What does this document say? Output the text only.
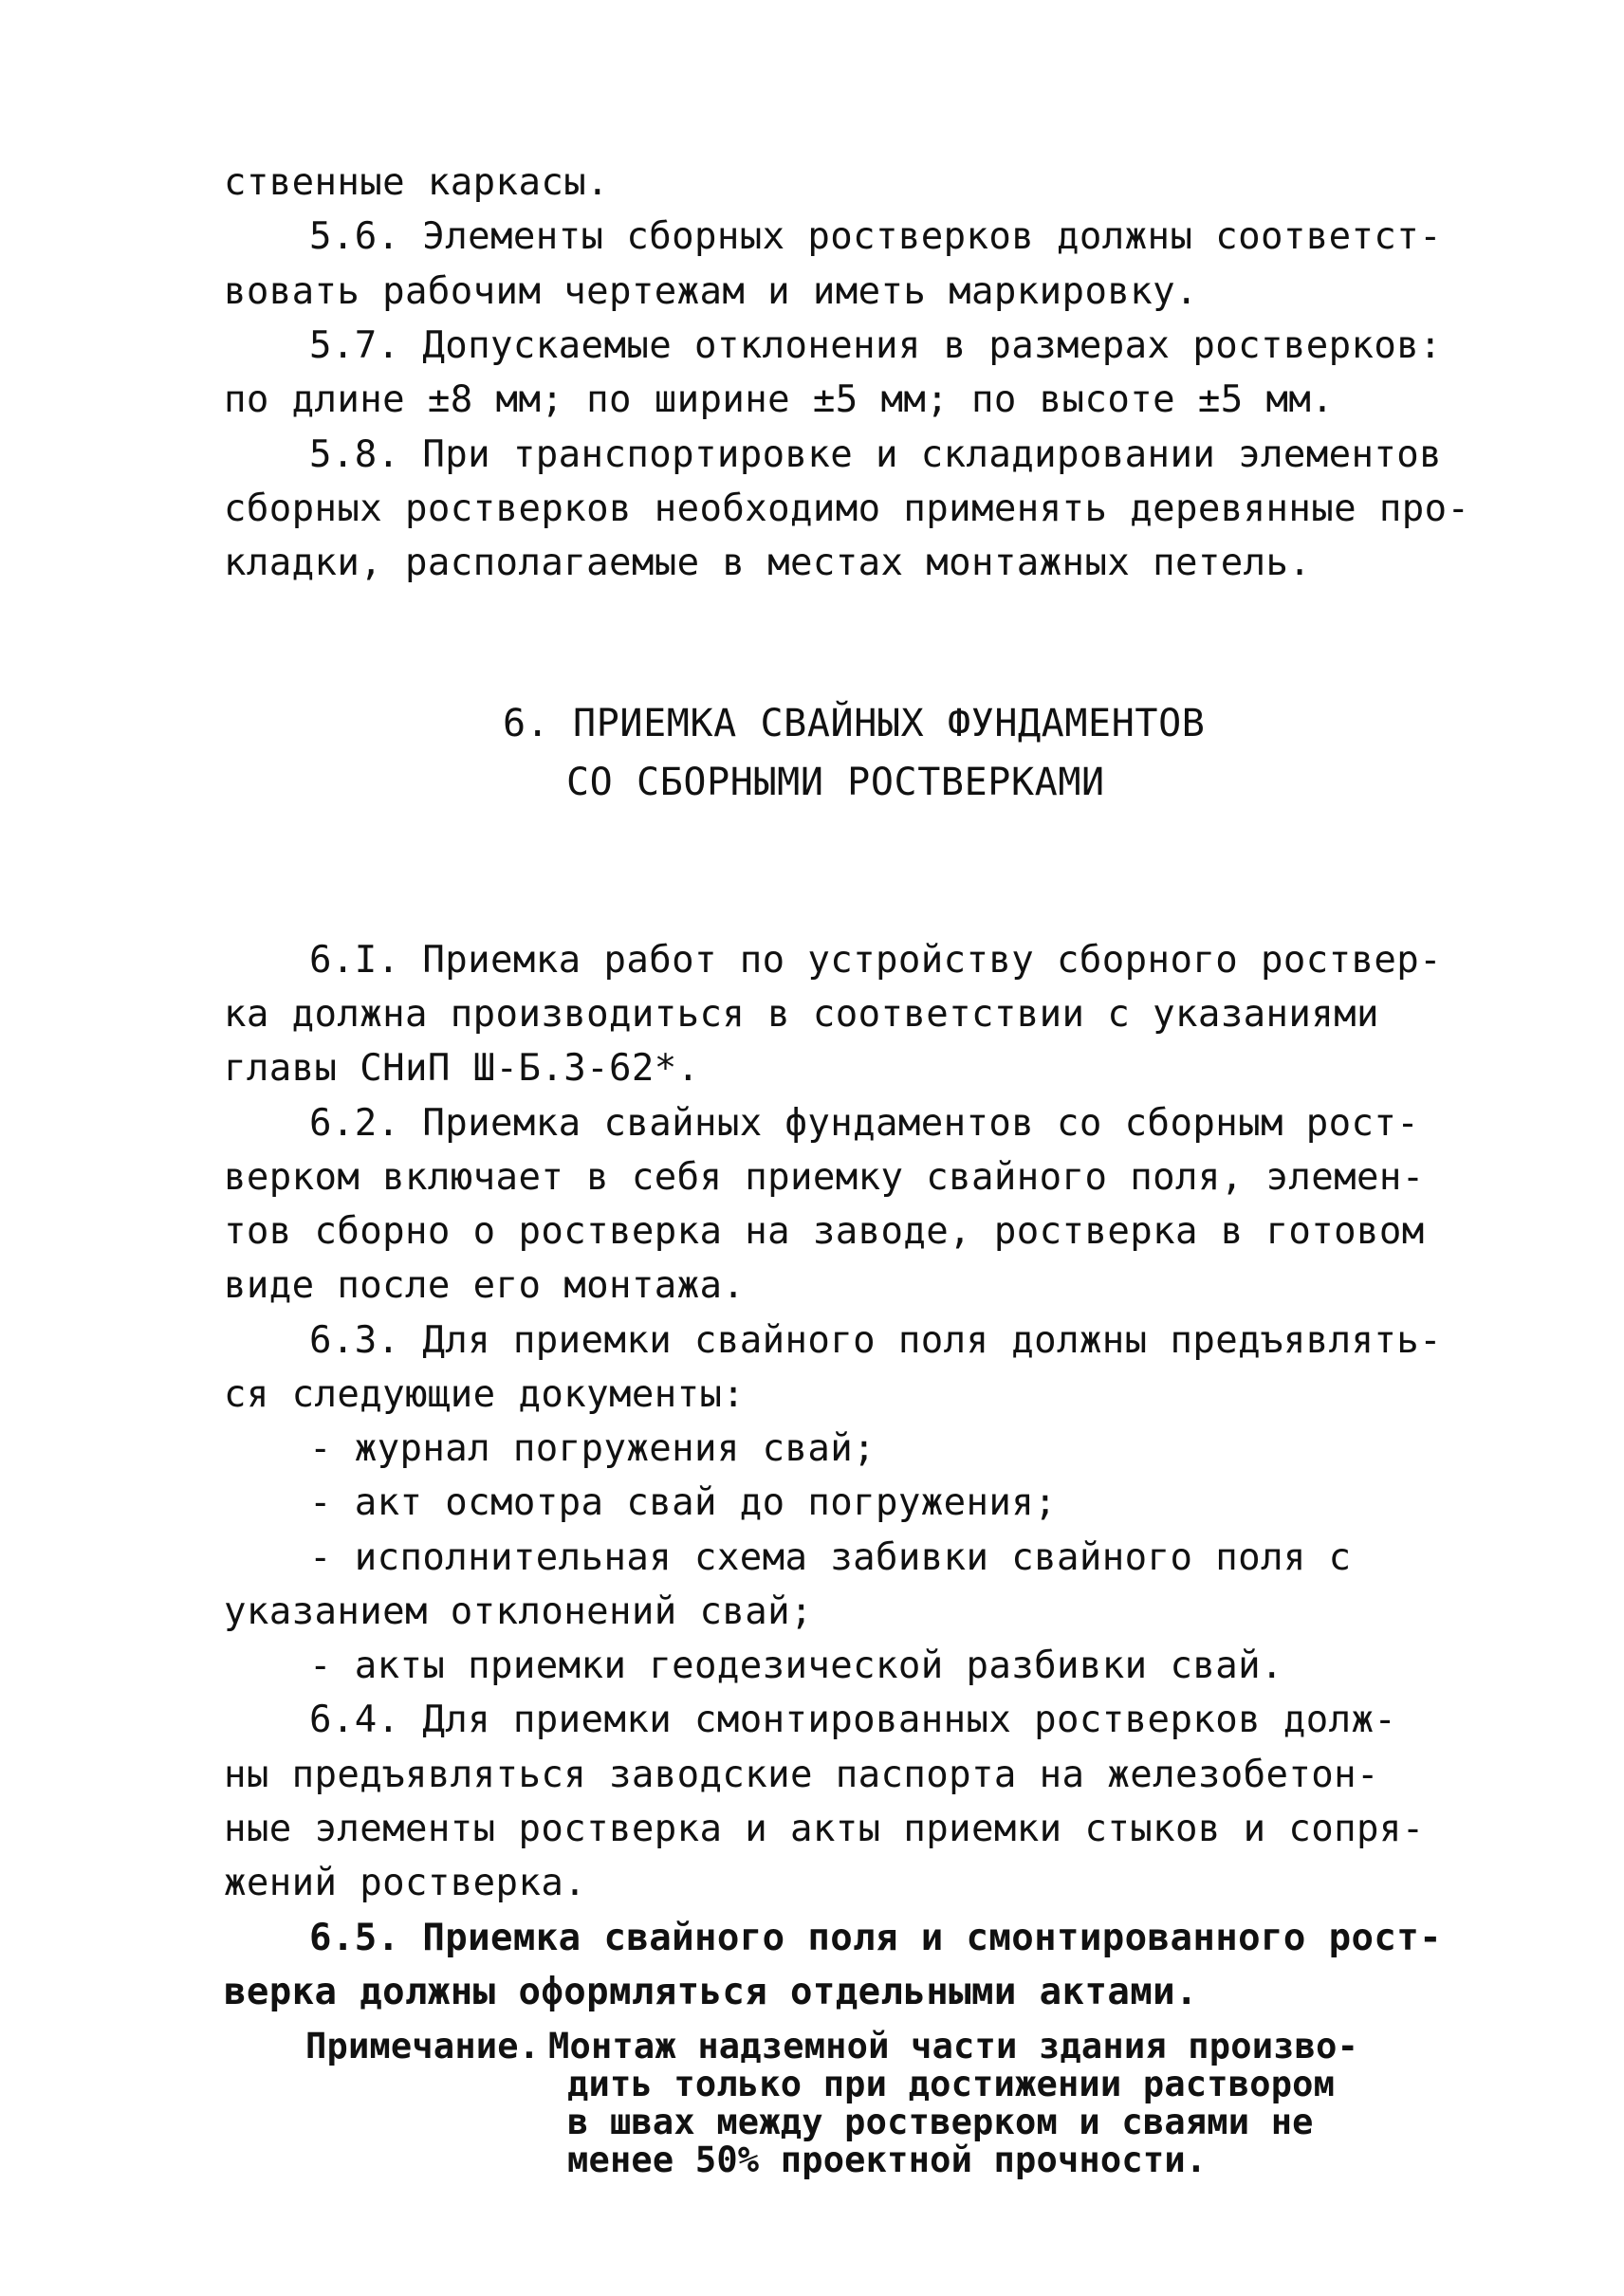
ственные каркасы.
5.6. Элементы сборных ростверков должны соответст-
вовать рабочим чертежам и иметь маркировку.
5.7. Допускаемые отклонения в размерах ростверков:
по длине ±8 мм; по ширине ±5 мм; по высоте ±5 мм.
5.8. При транспортировке и складировании элементов
сборных ростверков необходимо применять деревянные про-
кладки, располагаемые в местах монтажных петель.
6. ПРИЕМКА СВАЙНЫХ ФУНДАМЕНТОВ
СО СБОРНЫМИ РОСТВЕРКАМИ
6.I. Приемка работ по устройству сборного роствер-
ка должна производиться в соответствии с указаниями
главы СНиП Ш-Б.3-62*.
6.2. Приемка свайных фундаментов со сборным рост-
верком включает в себя приемку свайного поля, элемен-
тов сборно о ростверка на заводе, ростверка в готовом
виде после его монтажа.
6.3. Для приемки свайного поля должны предъявлять-
ся следующие документы:
- журнал погружения свай;
- акт осмотра свай до погружения;
- исполнительная схема забивки свайного поля с
указанием отклонений свай;
- акты приемки геодезической разбивки свай.
6.4. Для приемки смонтированных ростверков долж-
ны предъявляться заводские паспорта на железобетон-
ные элементы ростверка и акты приемки стыков и сопря-
жений ростверка.
6.5. Приемка свайного поля и смонтированного рост-
верка должны оформляться отдельными актами.
Примечание. Монтаж надземной части здания произво-
дить только при достижении раствором
в швах между ростверком и сваями не
менее 50% проектной прочности.
